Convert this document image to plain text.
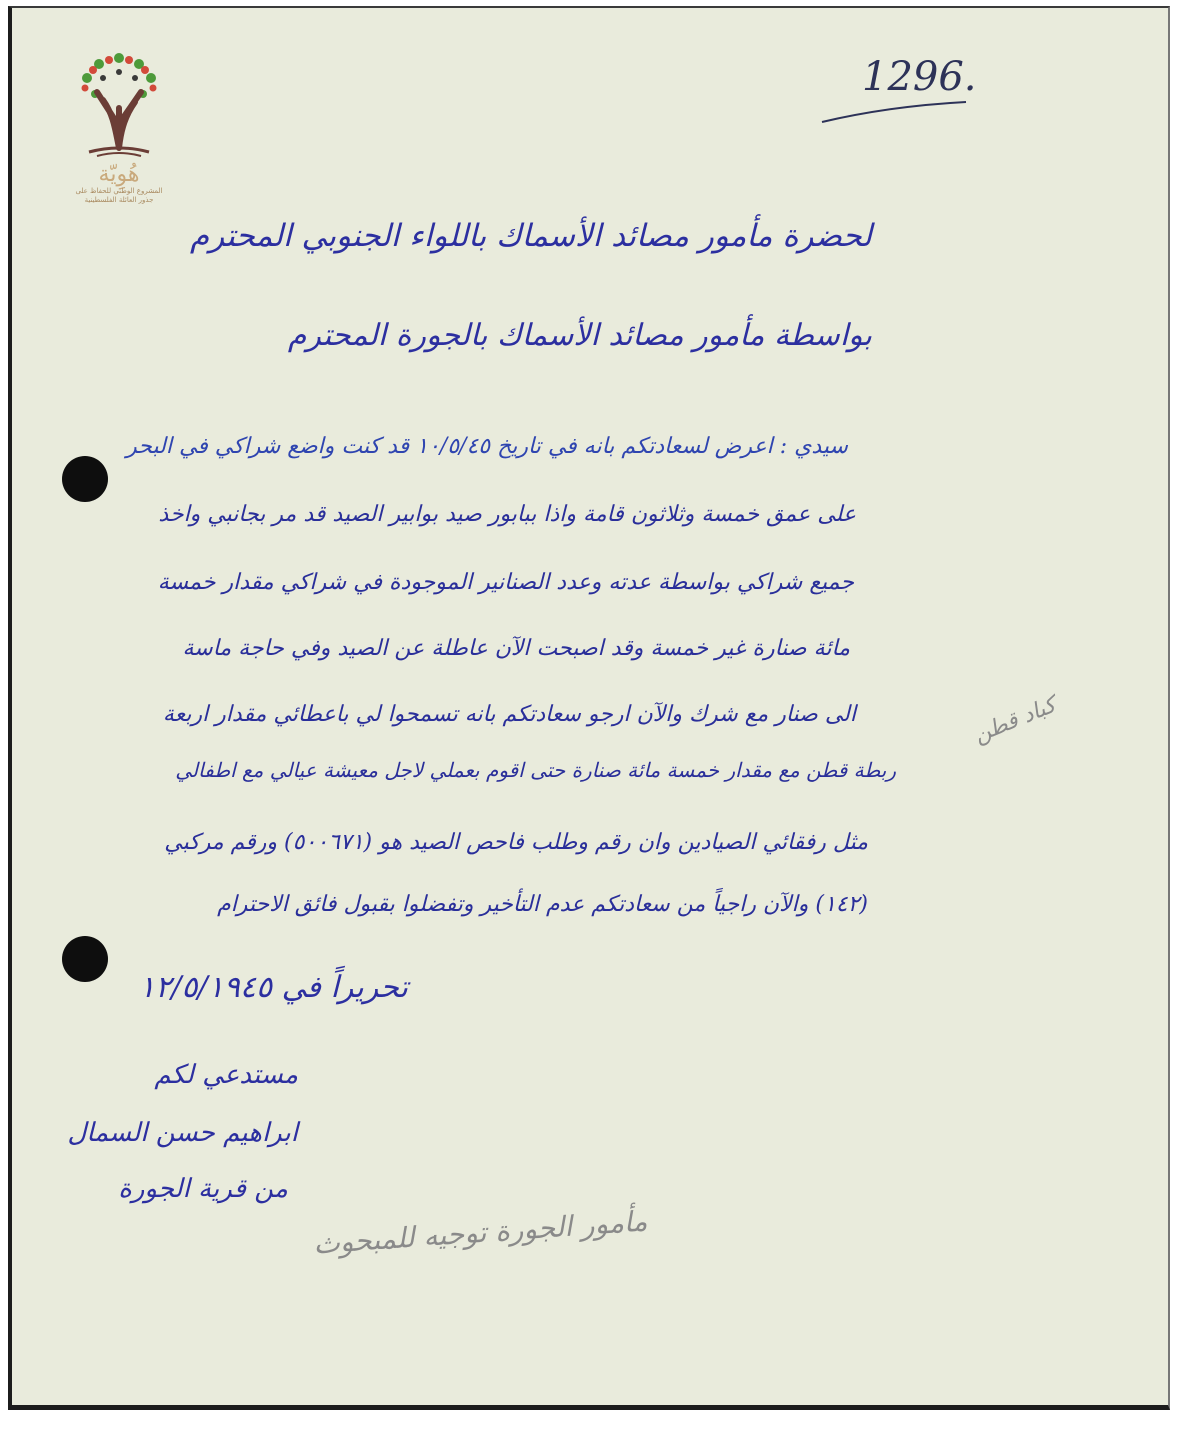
هُوِيّة
المشروع الوطني للحفاظ على
جذور العائلة الفلسطينية
1296.
لحضرة مأمور مصائد الأسماك باللواء الجنوبي المحترم
بواسطة مأمور مصائد الأسماك بالجورة المحترم
سيدي : اعرض لسعادتكم بانه في تاريخ ١٠/٥/٤٥ قد كنت واضع شراكي في البحر
على عمق خمسة وثلاثون قامة واذا ببابور صيد بوابير الصيد قد مر بجانبي واخذ
جميع شراكي بواسطة عدته وعدد الصنانير الموجودة في شراكي مقدار خمسة
مائة صنارة غير خمسة وقد اصبحت الآن عاطلة عن الصيد وفي حاجة ماسة
الى صنار مع شرك والآن ارجو سعادتكم بانه تسمحوا لي باعطائي مقدار اربعة
ربطة قطن مع مقدار خمسة مائة صنارة حتى اقوم بعملي لاجل معيشة عيالي مع اطفالي
مثل رفقائي الصيادين وان رقم وطلب فاحص الصيد هو (٥٠٠٦٧١) ورقم مركبي
(١٤٢) والآن راجياً من سعادتكم عدم التأخير وتفضلوا بقبول فائق الاحترام
كباد قطن
تحريراً في ١٢/٥/١٩٤٥
مستدعي لكم
ابراهيم حسن السمال
من قرية الجورة
مأمور الجورة توجيه للمبحوث
